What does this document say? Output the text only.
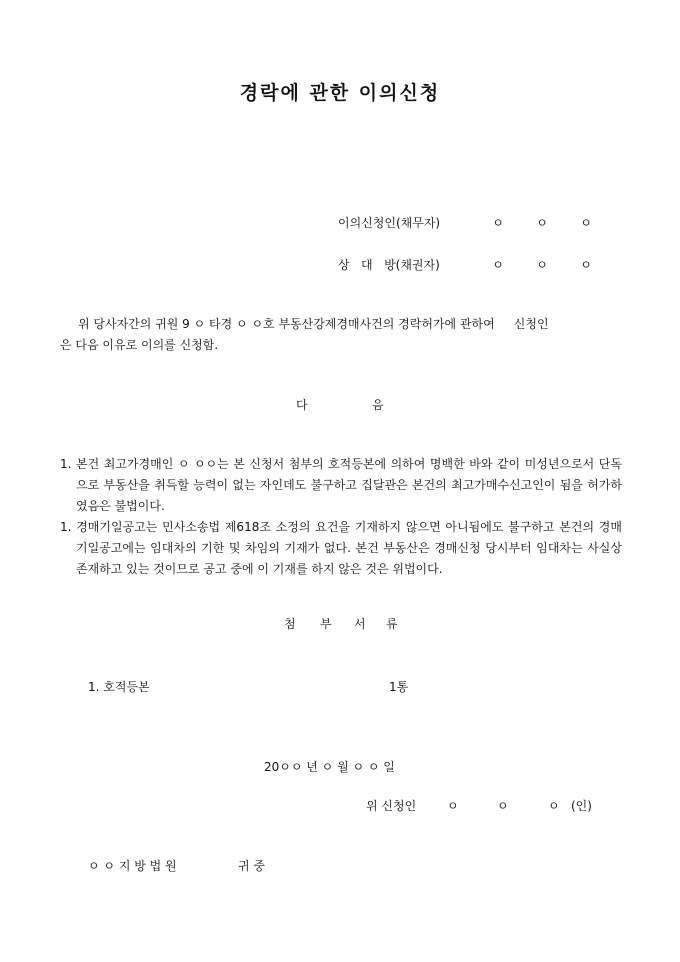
경락에 관한 이의신청
이의신청인(채무자)	ㅇ	ㅇ	ㅇ
상   대   방(채권자)	ㅇ	ㅇ	ㅇ
위 당사자간의 귀원 9 ㅇ 타경 ㅇ ㅇ호 부동산강제경매사건의 경락허가에 관하여     신청인
은 다음 이유로 이의를 신청함.
다	음
1. 본건 최고가경매인 ㅇ ㅇㅇ는 본 신청서 첨부의 호적등본에 의하여 명백한 바와 같이 미성년으로서 단독으로 부동산을 취득할 능력이 없는 자인데도 불구하고 집달관은 본건의 최고가매수신고인이 됨을 허가하였음은 불법이다.
1. 경매기일공고는 민사소송법 제618조 소정의 요건을 기재하지 않으면 아니됨에도 불구하고 본건의 경매기일공고에는 임대차의 기한 및 차임의 기재가 없다. 본건 부동산은 경매신청 당시부터 임대차는 사실상 존재하고 있는 것이므로 공고 중에 이 기재를 하지 않은 것은 위법이다.
첨 부 서 류
1. 호적등본	1통
20ㅇㅇ 년 ㅇ 월 ㅇ ㅇ 일
위 신청인	ㅇ	ㅇ	ㅇ (인)
ㅇ ㅇ 지 방 법 원	귀 중
